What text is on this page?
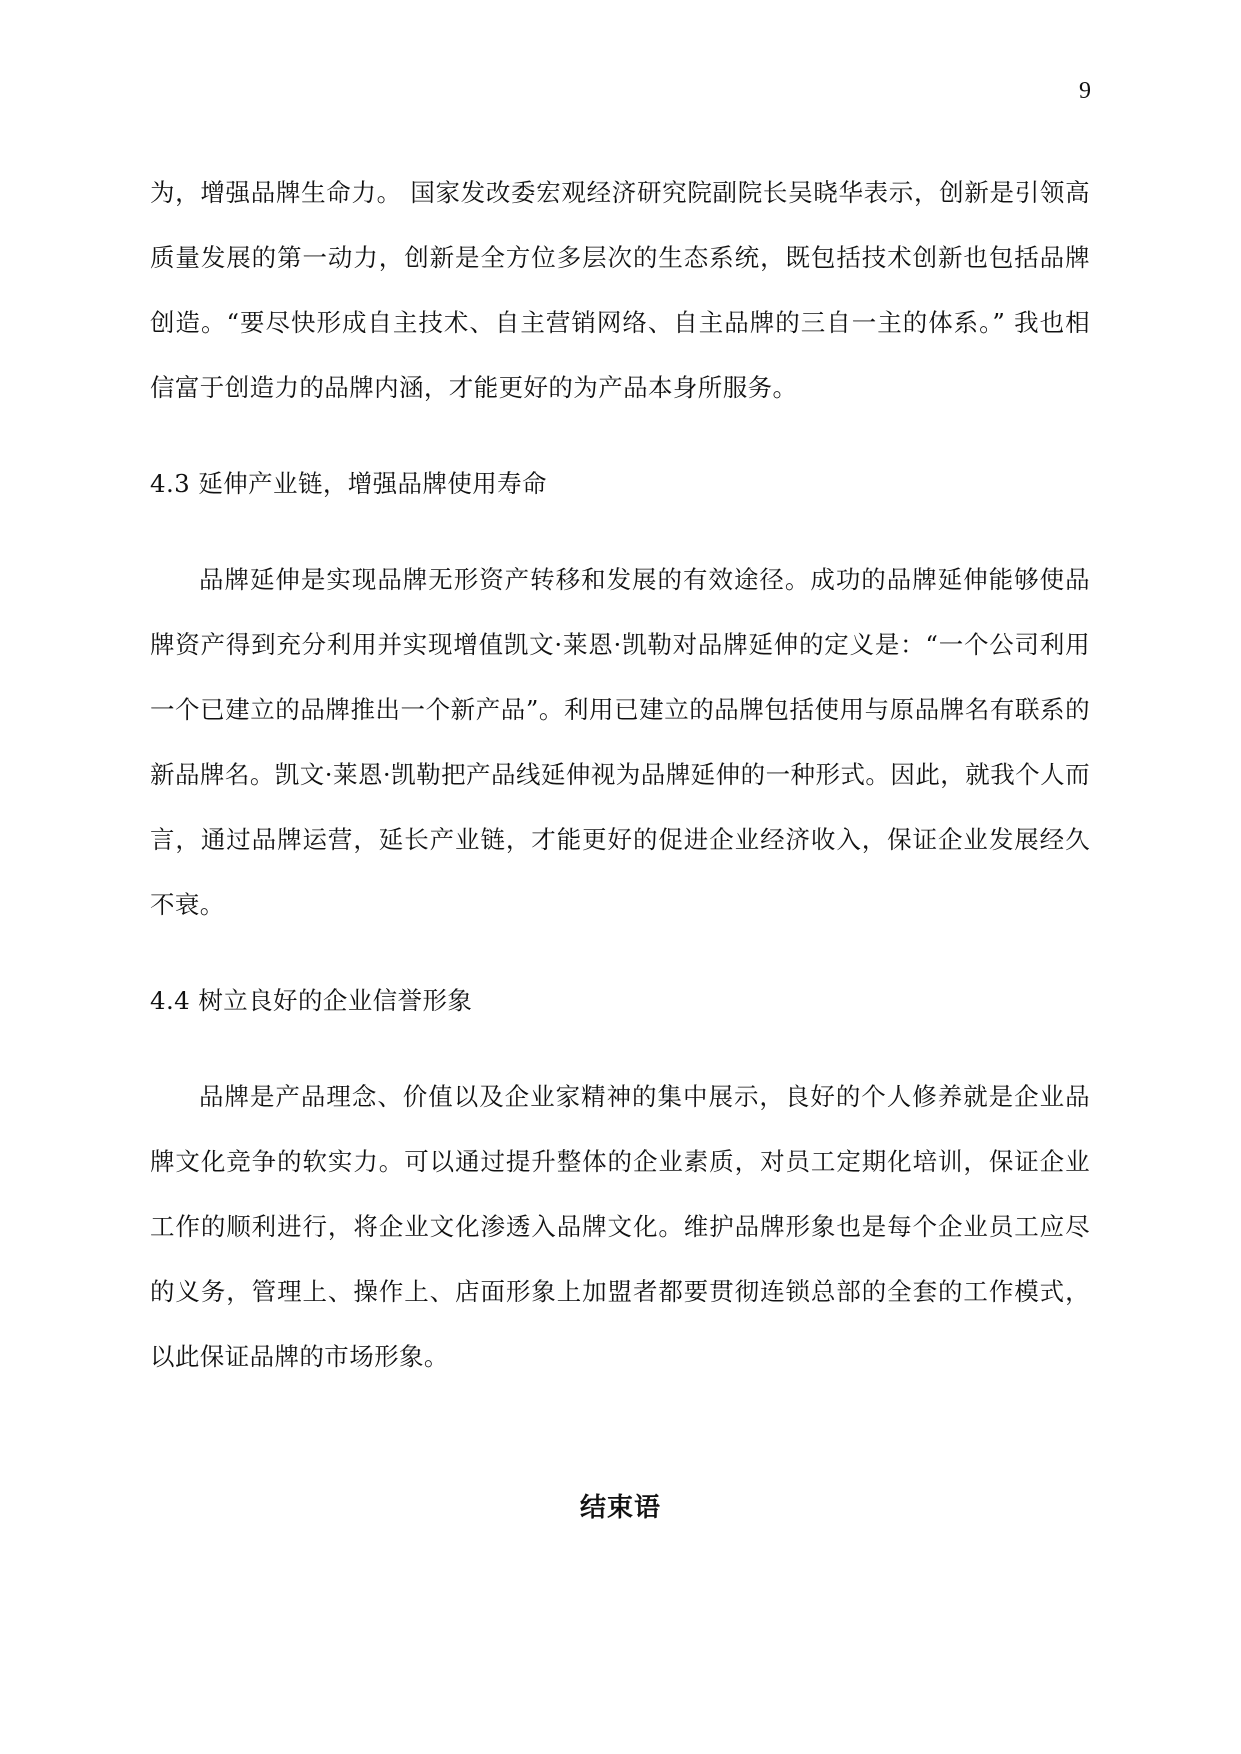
9

为，增强品牌生命力。 国家发改委宏观经济研究院副院长吴晓华表示，创新是引领高质量发展的第一动力，创新是全方位多层次的生态系统，既包括技术创新也包括品牌创造。“要尽快形成自主技术、自主营销网络、自主品牌的三自一主的体系。” 我也相信富于创造力的品牌内涵，才能更好的为产品本身所服务。

4.3 延伸产业链，增强品牌使用寿命

品牌延伸是实现品牌无形资产转移和发展的有效途径。成功的品牌延伸能够使品牌资产得到充分利用并实现增值凯文·莱恩·凯勒对品牌延伸的定义是：“一个公司利用一个已建立的品牌推出一个新产品”。利用已建立的品牌包括使用与原品牌名有联系的新品牌名。凯文·莱恩·凯勒把产品线延伸视为品牌延伸的一种形式。因此，就我个人而言，通过品牌运营，延长产业链，才能更好的促进企业经济收入，保证企业发展经久不衰。

4.4 树立良好的企业信誉形象

品牌是产品理念、价值以及企业家精神的集中展示，良好的个人修养就是企业品牌文化竞争的软实力。可以通过提升整体的企业素质，对员工定期化培训，保证企业工作的顺利进行，将企业文化渗透入品牌文化。维护品牌形象也是每个企业员工应尽的义务，管理上、操作上、店面形象上加盟者都要贯彻连锁总部的全套的工作模式，以此保证品牌的市场形象。

结束语
